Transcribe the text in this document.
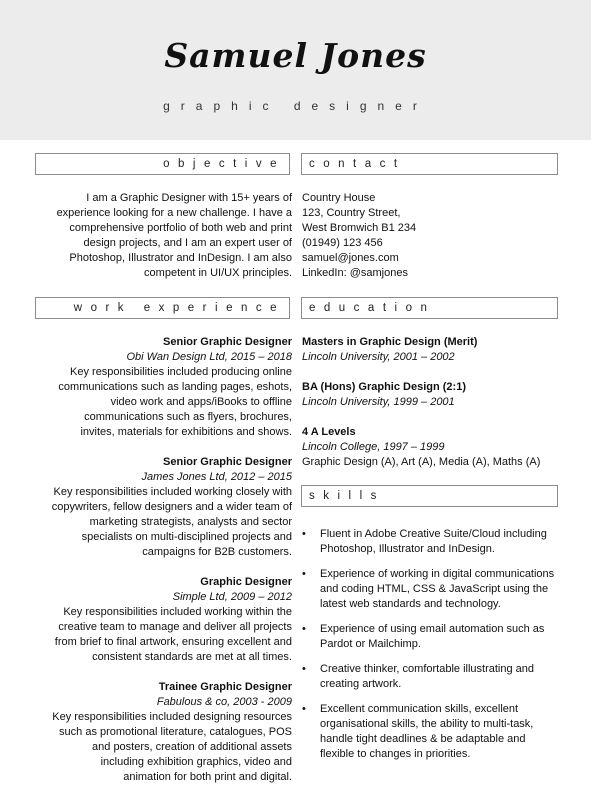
Samuel Jones
graphic designer
objective	contact
work experience	education
skills
I am a Graphic Designer with 15+ years of
experience looking for a new challenge. I have a
comprehensive portfolio of both web and print
design projects, and I am an expert user of
Photoshop, Illustrator and InDesign. I am also
competent in UI/UX principles.
Country House
123, Country Street,
West Bromwich B1 234
(01949) 123 456
samuel@jones.com
LinkedIn: @samjones
Senior Graphic Designer
Obi Wan Design Ltd, 2015 – 2018
Key responsibilities included producing online
communications such as landing pages, eshots,
video work and apps/iBooks to offline
communications such as flyers, brochures,
invites, materials for exhibitions and shows.
Senior Graphic Designer
James Jones Ltd, 2012 – 2015
Key responsibilities included working closely with
copywriters, fellow designers and a wider team of
marketing strategists, analysts and sector
specialists on multi-disciplined projects and
campaigns for B2B customers.
Graphic Designer
Simple Ltd, 2009 – 2012
Key responsibilities included working within the
creative team to manage and deliver all projects
from brief to final artwork, ensuring excellent and
consistent standards are met at all times.
Trainee Graphic Designer
Fabulous & co, 2003 - 2009
Key responsibilities included designing resources
such as promotional literature, catalogues, POS
and posters, creation of additional assets
including exhibition graphics, video and
animation for both print and digital.
Masters in Graphic Design (Merit)
Lincoln University, 2001 – 2002
BA (Hons) Graphic Design (2:1)
Lincoln University, 1999 – 2001
4 A Levels
Lincoln College, 1997 – 1999
Graphic Design (A), Art (A), Media (A), Maths (A)
• Fluent in Adobe Creative Suite/Cloud including Photoshop, Illustrator and InDesign.
• Experience of working in digital communications and coding HTML, CSS & JavaScript using the latest web standards and technology.
• Experience of using email automation such as Pardot or Mailchimp.
• Creative thinker, comfortable illustrating and creating artwork.
• Excellent communication skills, excellent organisational skills, the ability to multi-task, handle tight deadlines & be adaptable and flexible to changes in priorities.
